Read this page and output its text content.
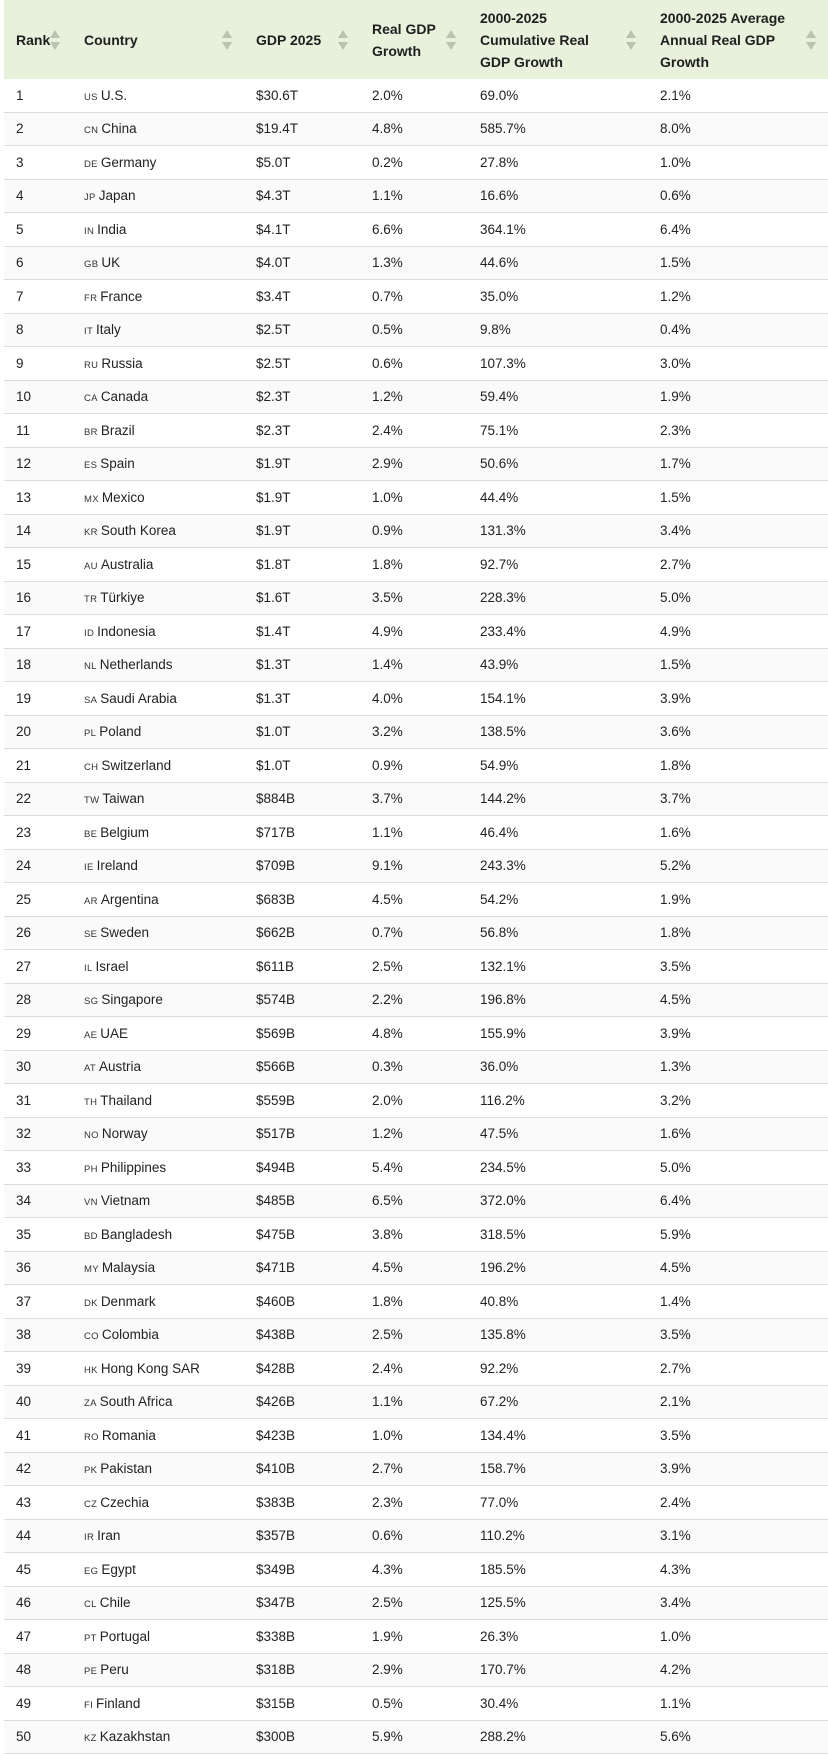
Rank	Country	GDP 2025	Real GDP Growth	2000-2025 Cumulative Real GDP Growth	2000-2025 Average Annual Real GDP Growth

1	US U.S.	$30.6T	2.0%	69.0%	2.1%
2	CN China	$19.4T	4.8%	585.7%	8.0%
3	DE Germany	$5.0T	0.2%	27.8%	1.0%
4	JP Japan	$4.3T	1.1%	16.6%	0.6%
5	IN India	$4.1T	6.6%	364.1%	6.4%
6	GB UK	$4.0T	1.3%	44.6%	1.5%
7	FR France	$3.4T	0.7%	35.0%	1.2%
8	IT Italy	$2.5T	0.5%	9.8%	0.4%
9	RU Russia	$2.5T	0.6%	107.3%	3.0%
10	CA Canada	$2.3T	1.2%	59.4%	1.9%
11	BR Brazil	$2.3T	2.4%	75.1%	2.3%
12	ES Spain	$1.9T	2.9%	50.6%	1.7%
13	MX Mexico	$1.9T	1.0%	44.4%	1.5%
14	KR South Korea	$1.9T	0.9%	131.3%	3.4%
15	AU Australia	$1.8T	1.8%	92.7%	2.7%
16	TR Türkiye	$1.6T	3.5%	228.3%	5.0%
17	ID Indonesia	$1.4T	4.9%	233.4%	4.9%
18	NL Netherlands	$1.3T	1.4%	43.9%	1.5%
19	SA Saudi Arabia	$1.3T	4.0%	154.1%	3.9%
20	PL Poland	$1.0T	3.2%	138.5%	3.6%
21	CH Switzerland	$1.0T	0.9%	54.9%	1.8%
22	TW Taiwan	$884B	3.7%	144.2%	3.7%
23	BE Belgium	$717B	1.1%	46.4%	1.6%
24	IE Ireland	$709B	9.1%	243.3%	5.2%
25	AR Argentina	$683B	4.5%	54.2%	1.9%
26	SE Sweden	$662B	0.7%	56.8%	1.8%
27	IL Israel	$611B	2.5%	132.1%	3.5%
28	SG Singapore	$574B	2.2%	196.8%	4.5%
29	AE UAE	$569B	4.8%	155.9%	3.9%
30	AT Austria	$566B	0.3%	36.0%	1.3%
31	TH Thailand	$559B	2.0%	116.2%	3.2%
32	NO Norway	$517B	1.2%	47.5%	1.6%
33	PH Philippines	$494B	5.4%	234.5%	5.0%
34	VN Vietnam	$485B	6.5%	372.0%	6.4%
35	BD Bangladesh	$475B	3.8%	318.5%	5.9%
36	MY Malaysia	$471B	4.5%	196.2%	4.5%
37	DK Denmark	$460B	1.8%	40.8%	1.4%
38	CO Colombia	$438B	2.5%	135.8%	3.5%
39	HK Hong Kong SAR	$428B	2.4%	92.2%	2.7%
40	ZA South Africa	$426B	1.1%	67.2%	2.1%
41	RO Romania	$423B	1.0%	134.4%	3.5%
42	PK Pakistan	$410B	2.7%	158.7%	3.9%
43	CZ Czechia	$383B	2.3%	77.0%	2.4%
44	IR Iran	$357B	0.6%	110.2%	3.1%
45	EG Egypt	$349B	4.3%	185.5%	4.3%
46	CL Chile	$347B	2.5%	125.5%	3.4%
47	PT Portugal	$338B	1.9%	26.3%	1.0%
48	PE Peru	$318B	2.9%	170.7%	4.2%
49	FI Finland	$315B	0.5%	30.4%	1.1%
50	KZ Kazakhstan	$300B	5.9%	288.2%	5.6%
